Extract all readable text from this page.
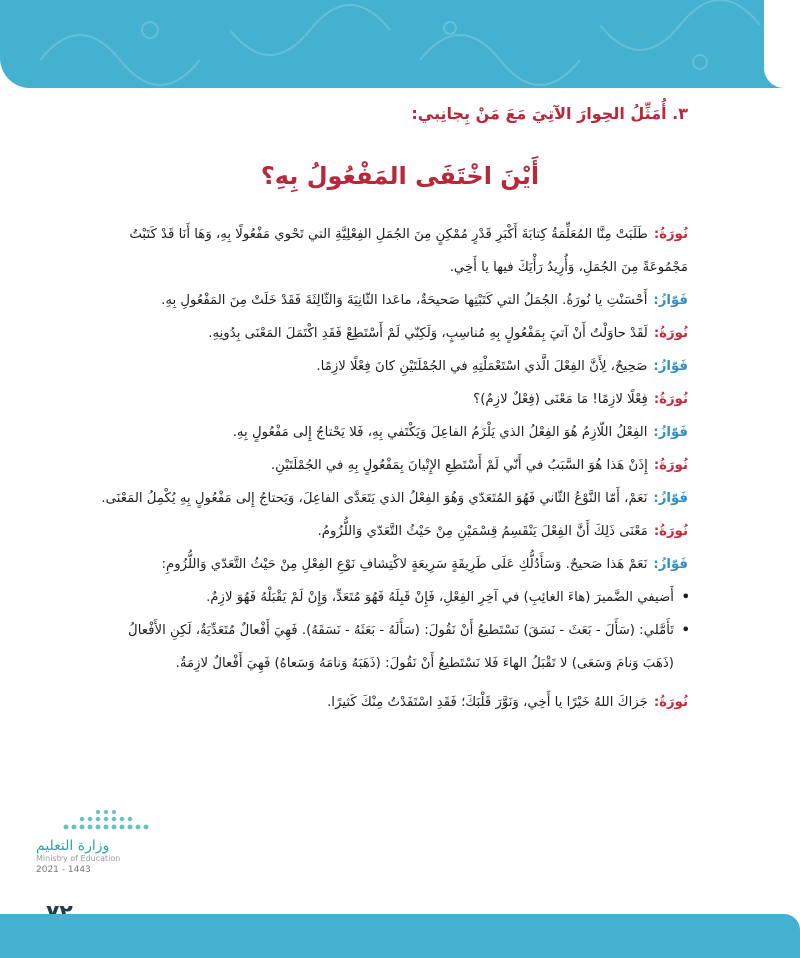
٣. أُمَثِّلُ الحِوارَ الآتِيَ مَعَ مَنْ بِجانِبي:
أَيْنَ اخْتَفَى المَفْعُولُ بِهِ؟

نُورَةُ:طَلَبَتْ مِنَّا المُعَلِّمَةُ كِتابَةَ أَكْبَرِ قَدْرٍ مُمْكِنٍ مِنَ الجُمَلِ الفِعْلِيَّةِ التي تَحْوي مَفْعُولًا بِهِ، وَهَا أَنَا قَدْ كَتَبْتُ مَجْمُوعَةً مِنَ الجُمَلِ، وَأُرِيدُ رَأْيَكَ فيها يا أَخِي.

فَوّازُ:أَحْسَنْتِ يا نُورَةُ. الجُمَلُ التي كَتَبْتِها صَحيحَةٌ، ماعَدا الثّانِيَةَ وَالثّالِثَةَ فَقَدْ خَلَتْ مِنَ المَفْعُولِ بِهِ.

نُورَةُ:لَقَدْ حاوَلْتُ أَنْ آتيَ بِمَفْعُولٍ بِهِ مُناسِبٍ، وَلَكِنّي لَمْ أَسْتَطِعْ فَقَدِ اكْتَمَلَ المَعْنَى بِدُونِهِ.

فَوّازُ:صَحِيحٌ، لِأَنَّ الفِعْلَ الَّذي اسْتَعْمَلْتِهِ في الجُمْلَتَيْنِ كانَ فِعْلًا لازِمًا.

نُورَةُ:فِعْلًا لازِمًا! مَا مَعْنَى (فِعْلٌ لازِمٌ)؟

فَوّازُ:الفِعْلُ اللّازِمُ هُوَ الفِعْلُ الذي يَلْزَمُ الفاعِلَ وَيَكْتَفي بِهِ، فَلا يَحْتاجُ إِلى مَفْعُولٍ بِهِ.

نُورَةُ:إِذَنْ هَذا هُوَ السَّبَبُ في أَنّي لَمْ أَسْتَطِعِ الإِتْيانَ بِمَفْعُولٍ بِهِ في الجُمْلَتَيْنِ.

فَوّازُ:نَعَمْ، أَمّا النَّوْعُ الثّاني فَهُوَ المُتَعَدّي وَهُوَ الفِعْلُ الذي يَتَعَدَّى الفاعِلَ، وَيَحتاجُ إِلى مَفْعُولٍ بِهِ يُكْمِلُ المَعْنَى.

نُورَةُ:مَعْنَى ذَلِكَ أَنَّ الفِعْلَ يَنْقَسِمُ قِسْمَيْنِ مِنْ حَيْثُ التَّعَدّي وَاللُّزُومُ.

فَوّازُ:نَعَمْ هَذا صَحيحٌ. وَسَأَدُلُّكِ عَلَى طَرِيقَةٍ سَرِيعَةٍ لاكْتِشافِ نَوْعِ الفِعْلِ مِنْ حَيْثُ التَّعَدّي وَاللُّزُومِ:

• أَضيفي الضَّميرَ (هاءَ الغائِبِ) في آخِرِ الفِعْلِ، فَإِنْ قَبِلَهُ فَهُوَ مُتَعَدٍّ، وَإِنْ لَمْ يَقْبَلْهُ فَهُوَ لازِمٌ.
• تَأَمَّلي: (سَأَلَ - بَعَثَ - نَسَقَ) نَسْتَطيعُ أَنْ نَقُولَ: (سَأَلَهُ - بَعَثَهُ - نَسَقَهُ). فَهِيَ أَفْعالٌ مُتَعَدِّيَةٌ، لَكِنِ الأَفْعالُ (ذَهَبَ وَنامَ وَسَعَى) لا تَقْبَلُ الهاءَ فَلا نَسْتَطيعُ أَنْ نَقُولَ: (ذَهَبَهُ وَنامَهُ وَسَعاهُ) فَهِيَ أَفْعالٌ لازِمَةٌ.

نُورَةُ:جَزاكَ اللهُ خَيْرًا يا أَخِي، وَنَوَّرَ قَلْبَكَ؛ فَقَدِ اسْتَفَدْتُ مِنْكَ كَثيرًا.

وزارة التعليم
Ministry of Education
2021 - 1443
